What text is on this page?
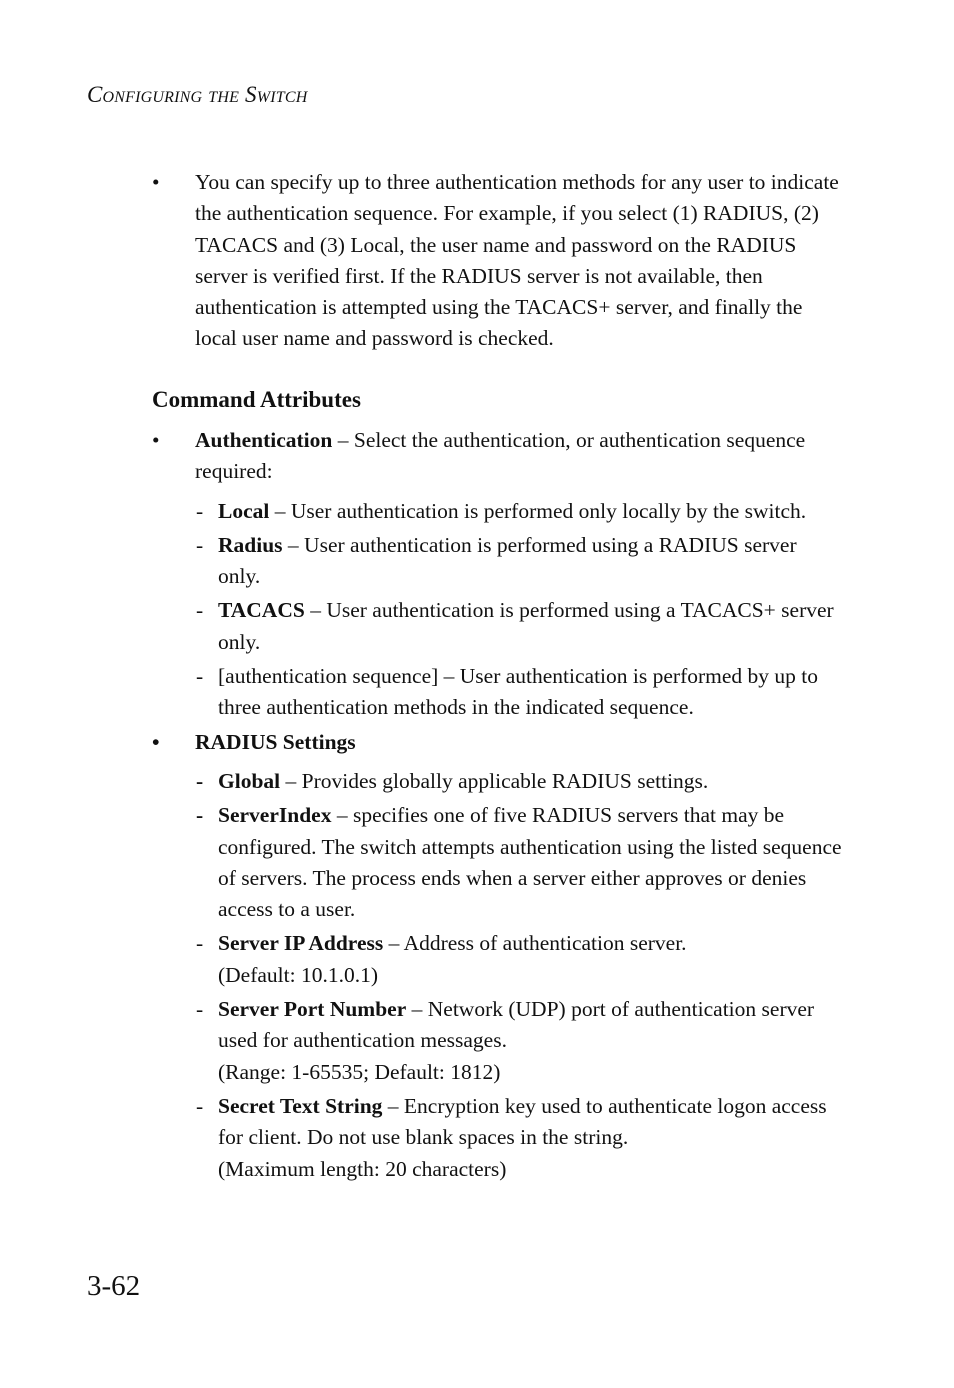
CONFIGURING THE SWITCH
• You can specify up to three authentication methods for any user to indicate the authentication sequence. For example, if you select (1) RADIUS, (2) TACACS and (3) Local, the user name and password on the RADIUS server is verified first. If the RADIUS server is not available, then authentication is attempted using the TACACS+ server, and finally the local user name and password is checked.
Command Attributes
• Authentication – Select the authentication, or authentication sequence required:
- Local – User authentication is performed only locally by the switch.
- Radius – User authentication is performed using a RADIUS server only.
- TACACS – User authentication is performed using a TACACS+ server only.
- [authentication sequence] – User authentication is performed by up to three authentication methods in the indicated sequence.
• RADIUS Settings
- Global – Provides globally applicable RADIUS settings.
- ServerIndex – specifies one of five RADIUS servers that may be configured. The switch attempts authentication using the listed sequence of servers. The process ends when a server either approves or denies access to a user.
- Server IP Address – Address of authentication server.
(Default: 10.1.0.1)
- Server Port Number – Network (UDP) port of authentication server used for authentication messages.
(Range: 1-65535; Default: 1812)
- Secret Text String – Encryption key used to authenticate logon access for client. Do not use blank spaces in the string.
(Maximum length: 20 characters)
3-62
